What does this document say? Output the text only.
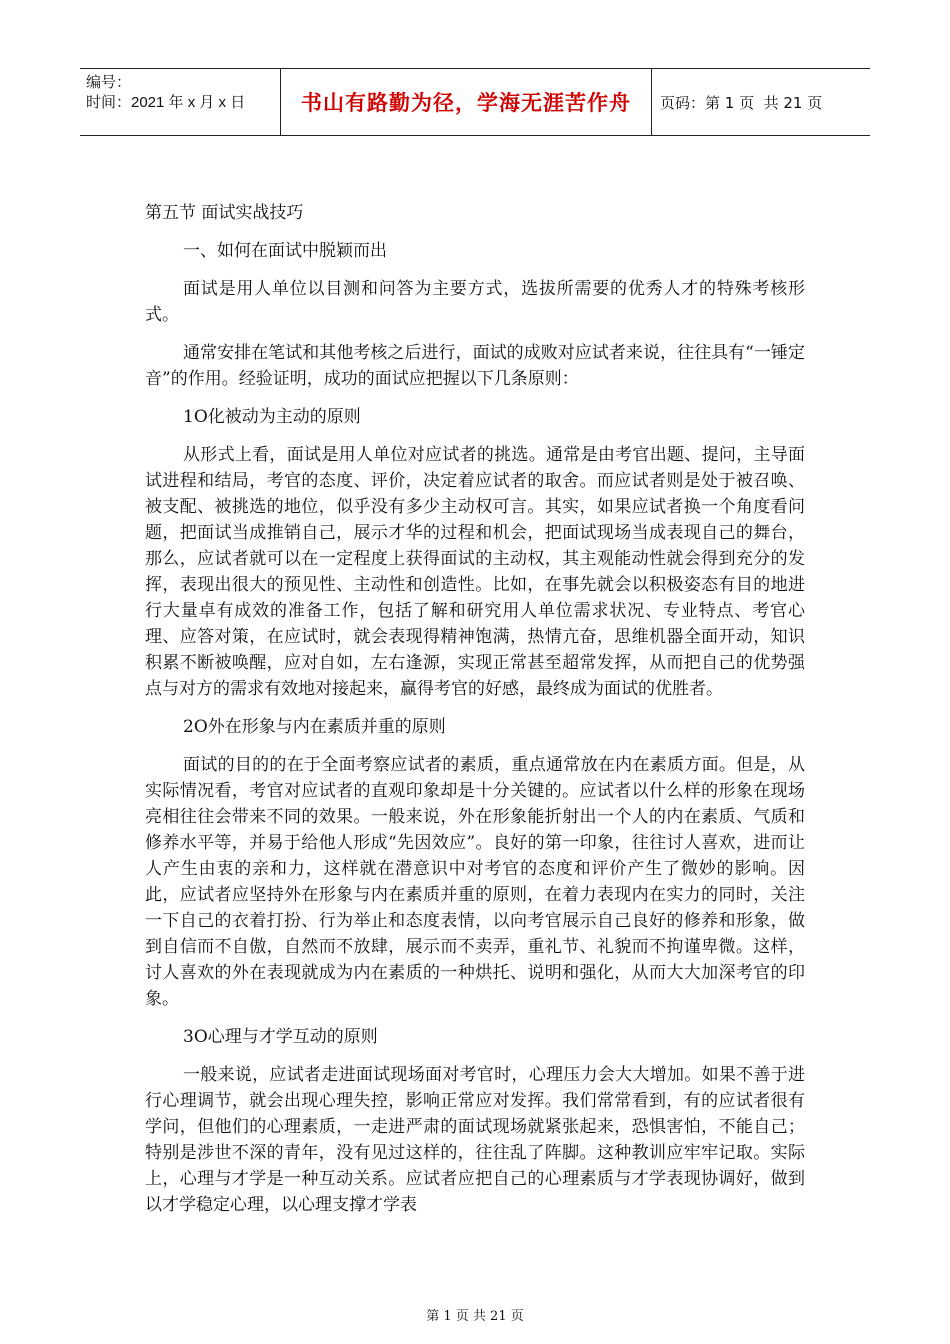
编号：
时间：2021 年 x 月 x 日	书山有路勤为径，学海无涯苦作舟	页码：第 1 页  共 21 页

第五节 面试实战技巧

一、如何在面试中脱颖而出

面试是用人单位以目测和问答为主要方式，选拔所需要的优秀人才的特殊考核形式。

通常安排在笔试和其他考核之后进行，面试的成败对应试者来说，往往具有“一锤定音”的作用。经验证明，成功的面试应把握以下几条原则：

1О化被动为主动的原则

从形式上看，面试是用人单位对应试者的挑选。通常是由考官出题、提问，主导面试进程和结局，考官的态度、评价，决定着应试者的取舍。而应试者则是处于被召唤、被支配、被挑选的地位，似乎没有多少主动权可言。其实，如果应试者换一个角度看问题，把面试当成推销自己，展示才华的过程和机会，把面试现场当成表现自己的舞台，那么，应试者就可以在一定程度上获得面试的主动权，其主观能动性就会得到充分的发挥，表现出很大的预见性、主动性和创造性。比如，在事先就会以积极姿态有目的地进行大量卓有成效的准备工作，包括了解和研究用人单位需求状况、专业特点、考官心理、应答对策，在应试时，就会表现得精神饱满，热情亢奋，思维机器全面开动，知识积累不断被唤醒，应对自如，左右逢源，实现正常甚至超常发挥，从而把自己的优势强点与对方的需求有效地对接起来，赢得考官的好感，最终成为面试的优胜者。

2О外在形象与内在素质并重的原则

面试的目的的在于全面考察应试者的素质，重点通常放在内在素质方面。但是，从实际情况看，考官对应试者的直观印象却是十分关键的。应试者以什么样的形象在现场亮相往往会带来不同的效果。一般来说，外在形象能折射出一个人的内在素质、气质和修养水平等，并易于给他人形成“先因效应”。良好的第一印象，往往讨人喜欢，进而让人产生由衷的亲和力，这样就在潜意识中对考官的态度和评价产生了微妙的影响。因此，应试者应坚持外在形象与内在素质并重的原则，在着力表现内在实力的同时，关注一下自己的衣着打扮、行为举止和态度表情，以向考官展示自己良好的修养和形象，做到自信而不自傲，自然而不放肆，展示而不卖弄，重礼节、礼貌而不拘谨卑微。这样，讨人喜欢的外在表现就成为内在素质的一种烘托、说明和强化，从而大大加深考官的印象。

3О心理与才学互动的原则

一般来说，应试者走进面试现场面对考官时，心理压力会大大增加。如果不善于进行心理调节，就会出现心理失控，影响正常应对发挥。我们常常看到，有的应试者很有学问，但他们的心理素质，一走进严肃的面试现场就紧张起来，恐惧害怕，不能自己；特别是涉世不深的青年，没有见过这样的，往往乱了阵脚。这种教训应牢牢记取。实际上，心理与才学是一种互动关系。应试者应把自己的心理素质与才学表现协调好，做到以才学稳定心理，以心理支撑才学表

第 1 页 共 21 页
